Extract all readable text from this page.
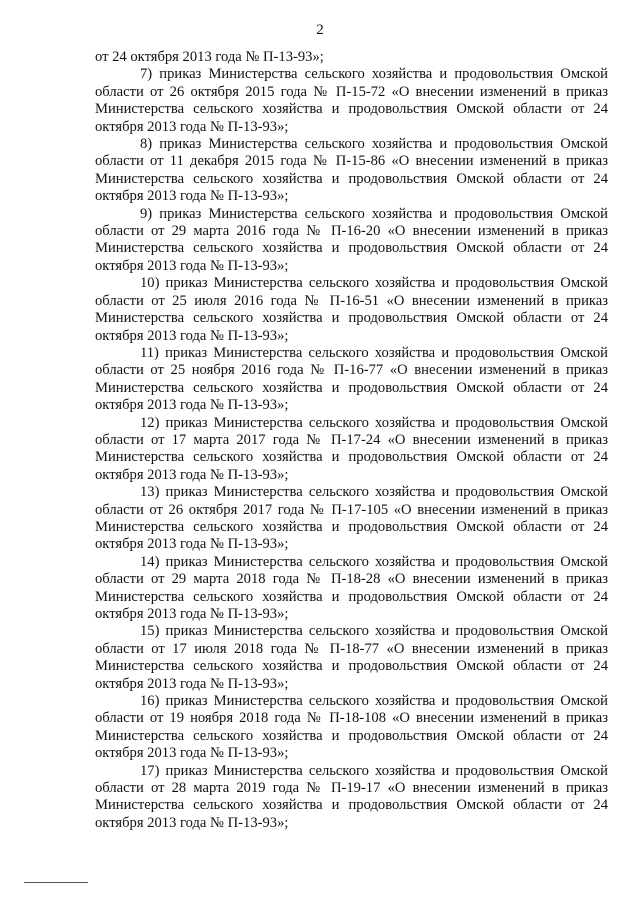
2

от 24 октября 2013 года № П-13-93»;

7) приказ Министерства сельского хозяйства и продовольствия Омской области от 26 октября 2015 года № П-15-72 «О внесении изменений в приказ Министерства сельского хозяйства и продовольствия Омской области от 24 октября 2013 года № П-13-93»;

8) приказ Министерства сельского хозяйства и продовольствия Омской области от 11 декабря 2015 года № П-15-86 «О внесении изменений в приказ Министерства сельского хозяйства и продовольствия Омской области от 24 октября 2013 года № П-13-93»;

9) приказ Министерства сельского хозяйства и продовольствия Омской области от 29 марта 2016 года № П-16-20 «О внесении изменений в приказ Министерства сельского хозяйства и продовольствия Омской области от 24 октября 2013 года № П-13-93»;

10) приказ Министерства сельского хозяйства и продовольствия Омской области от 25 июля 2016 года № П-16-51 «О внесении изменений в приказ Министерства сельского хозяйства и продовольствия Омской области от 24 октября 2013 года № П-13-93»;

11) приказ Министерства сельского хозяйства и продовольствия Омской области от 25 ноября 2016 года № П-16-77 «О внесении изменений в приказ Министерства сельского хозяйства и продовольствия Омской области от 24 октября 2013 года № П-13-93»;

12) приказ Министерства сельского хозяйства и продовольствия Омской области от 17 марта 2017 года № П-17-24 «О внесении изменений в приказ Министерства сельского хозяйства и продовольствия Омской области от 24 октября 2013 года № П-13-93»;

13) приказ Министерства сельского хозяйства и продовольствия Омской области от 26 октября 2017 года № П-17-105 «О внесении изменений в приказ Министерства сельского хозяйства и продовольствия Омской области от 24 октября 2013 года № П-13-93»;

14) приказ Министерства сельского хозяйства и продовольствия Омской области от 29 марта 2018 года № П-18-28 «О внесении изменений в приказ Министерства сельского хозяйства и продовольствия Омской области от 24 октября 2013 года № П-13-93»;

15) приказ Министерства сельского хозяйства и продовольствия Омской области от 17 июля 2018 года № П-18-77 «О внесении изменений в приказ Министерства сельского хозяйства и продовольствия Омской области от 24 октября 2013 года № П-13-93»;

16) приказ Министерства сельского хозяйства и продовольствия Омской области от 19 ноября 2018 года № П-18-108 «О внесении изменений в приказ Министерства сельского хозяйства и продовольствия Омской области от 24 октября 2013 года № П-13-93»;

17) приказ Министерства сельского хозяйства и продовольствия Омской области от 28 марта 2019 года № П-19-17 «О внесении изменений в приказ Министерства сельского хозяйства и продовольствия Омской области от 24 октября 2013 года № П-13-93»;
